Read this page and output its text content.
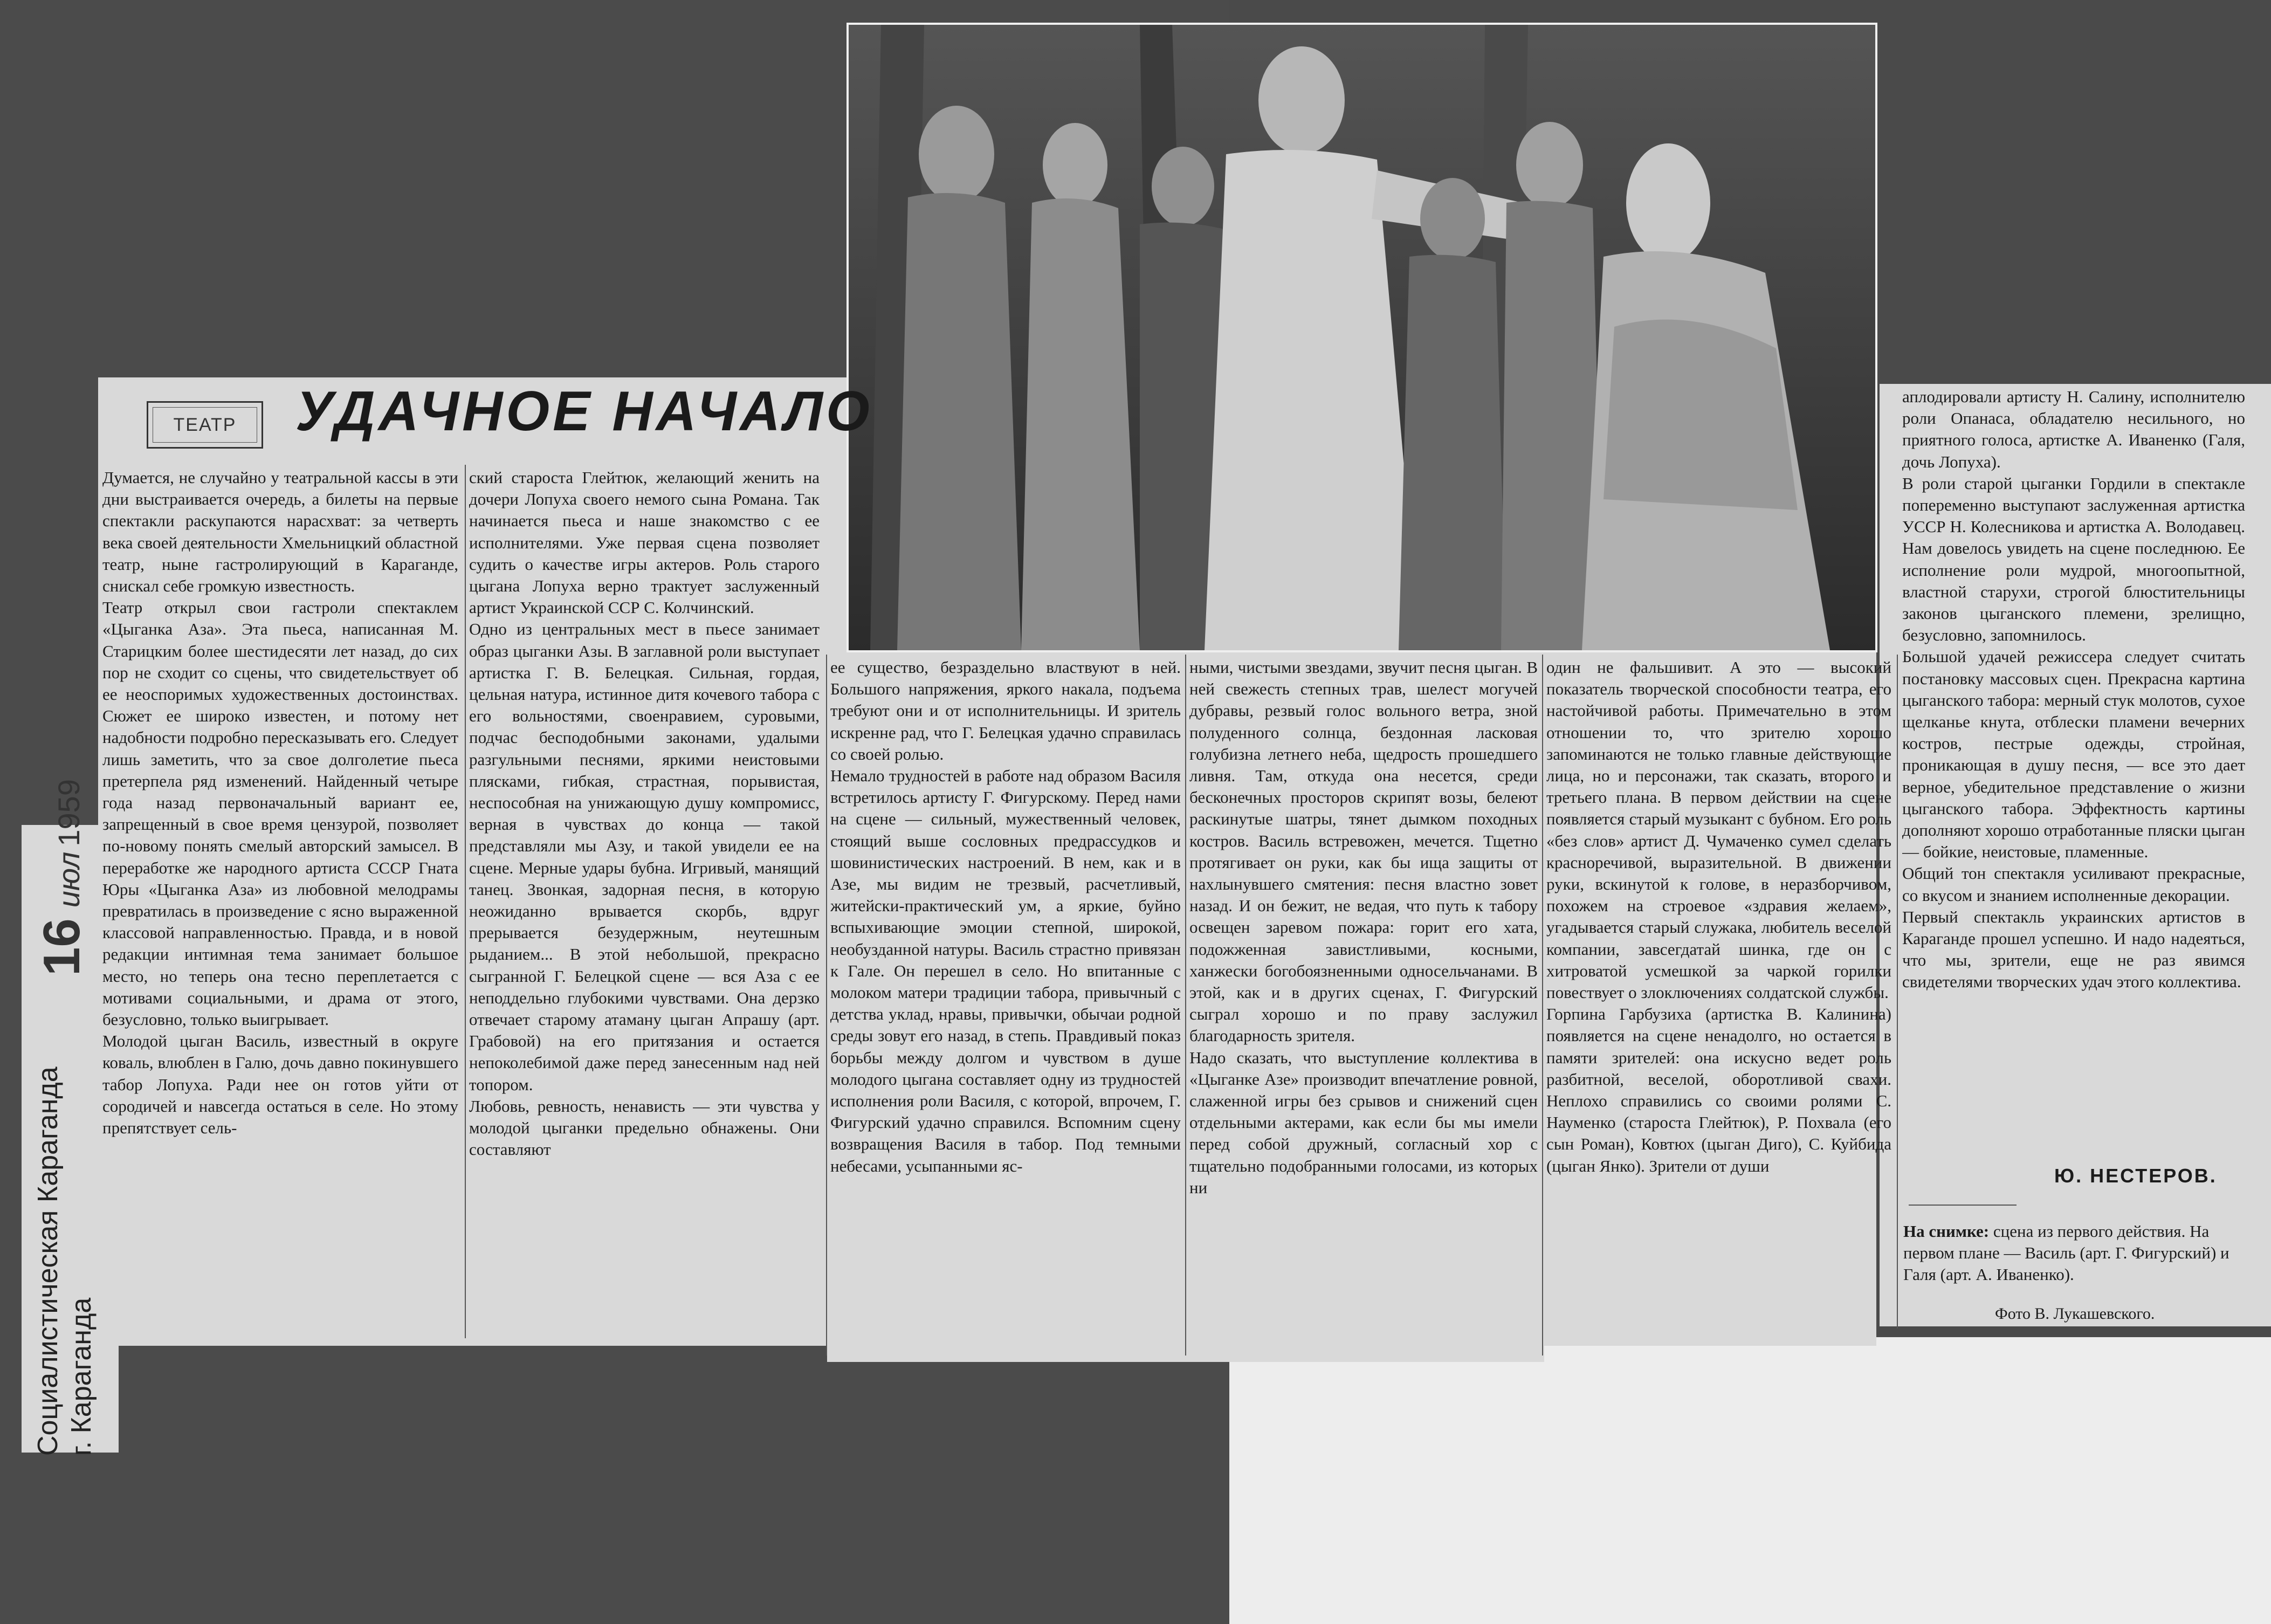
ТЕАТР УДАЧНОЕ НАЧАЛО
Думается, не случайно у театральной кассы в эти дни выстраивается очередь, а билеты на первые спектакли раскупаются нарасхват: за четверть века своей деятельности Хмельницкий областной театр, ныне гастролирующий в Караганде, снискал себе громкую известность.
Театр открыл свои гастроли спектаклем «Цыганка Аза». Эта пьеса, написанная М. Старицким более шестидесяти лет назад, до сих пор не сходит со сцены, что свидетельствует об ее неоспоримых художественных достоинствах. Сюжет ее широко известен, и потому нет надобности подробно пересказывать его. Следует лишь заметить, что за свое долголетие пьеса претерпела ряд изменений. Найденный четыре года назад первоначальный вариант ее, запрещенный в свое время цензурой, позволяет по-новому понять смелый авторский замысел. В переработке же народного артиста СССР Гната Юры «Цыганка Аза» из любовной мелодрамы превратилась в произведение с ясно выраженной классовой направленностью. Правда, и в новой редакции интимная тема занимает большое место, но теперь она тесно переплетается с мотивами социальными, и драма от этого, безусловно, только выигрывает.
Молодой цыган Василь, известный в округе коваль, влюблен в Галю, дочь давно покинувшего табор Лопуха. Ради нее он готов уйти от сородичей и навсегда остаться в селе. Но этому препятствует сель-
ский староста Глейтюк, желающий женить на дочери Лопуха своего немого сына Романа. Так начинается пьеса и наше знакомство с ее исполнителями. Уже первая сцена позволяет судить о качестве игры актеров. Роль старого цыгана Лопуха верно трактует заслуженный артист Украинской ССР С. Колчинский.
Одно из центральных мест в пьесе занимает образ цыганки Азы. В заглавной роли выступает артистка Г. В. Белецкая. Сильная, гордая, цельная натура, истинное дитя кочевого табора с его вольностями, своенравием, суровыми, подчас бесподобными законами, удалыми разгульными песнями, яркими неистовыми плясками, гибкая, страстная, порывистая, неспособная на унижающую душу компромисс, верная в чувствах до конца — такой представляли мы Азу, и такой увидели ее на сцене. Мерные удары бубна. Игривый, манящий танец. Звонкая, задорная песня, в которую неожиданно врывается скорбь, вдруг прерывается безудержным, неутешным рыданием... В этой небольшой, прекрасно сыгранной Г. Белецкой сцене — вся Аза с ее неподдельно глубокими чувствами. Она дерзко отвечает старому атаману цыган Апрашу (арт. Грабовой) на его притязания и остается непоколебимой даже перед занесенным над ней топором.
Любовь, ревность, ненависть — эти чувства у молодой цыганки предельно обнажены. Они составляют
ее существо, безраздельно властвуют в ней. Большого напряжения, яркого накала, подъема требуют они и от исполнительницы. И зритель искренне рад, что Г. Белецкая удачно справилась со своей ролью.
Немало трудностей в работе над образом Василя встретилось артисту Г. Фигурскому. Перед нами на сцене — сильный, мужественный человек, стоящий выше сословных предрассудков и шовинистических настроений. В нем, как и в Азе, мы видим не трезвый, расчетливый, житейски-практический ум, а яркие, буйно вспыхивающие эмоции степной, широкой, необузданной натуры. Василь страстно привязан к Гале. Он перешел в село. Но впитанные с молоком матери традиции табора, привычный с детства уклад, нравы, привычки, обычаи родной среды зовут его назад, в степь. Правдивый показ борьбы между долгом и чувством в душе молодого цыгана составляет одну из трудностей исполнения роли Василя, с которой, впрочем, Г. Фигурский удачно справился. Вспомним сцену возвращения Василя в табор. Под темными небесами, усыпанными яс-
ными, чистыми звездами, звучит песня цыган. В ней свежесть степных трав, шелест могучей дубравы, резвый голос вольного ветра, зной полуденного солнца, бездонная ласковая голубизна летнего неба, щедрость прошедшего ливня. Там, откуда она несется, среди бесконечных просторов скрипят возы, белеют раскинутые шатры, тянет дымком походных костров. Василь встревожен, мечется. Тщетно протягивает он руки, как бы ища защиты от нахлынувшего смятения: песня властно зовет назад. И он бежит, не ведая, что путь к табору освещен заревом пожара: горит его хата, подожженная завистливыми, косными, ханжески богобоязненными односельчанами. В этой, как и в других сценах, Г. Фигурский сыграл хорошо и по праву заслужил благодарность зрителя.
Надо сказать, что выступление коллектива в «Цыганке Азе» производит впечатление ровной, слаженной игры без срывов и снижений сцен отдельными актерами, как если бы мы имели перед собой дружный, согласный хор с тщательно подобранными голосами, из которых ни
один не фальшивит. А это — высокий показатель творческой способности театра, его настойчивой работы. Примечательно в этом отношении то, что зрителю хорошо запоминаются не только главные действующие лица, но и персонажи, так сказать, второго и третьего плана. В первом действии на сцене появляется старый музыкант с бубном. Его роль «без слов» артист Д. Чумаченко сумел сделать красноречивой, выразительной. В движении руки, вскинутой к голове, в неразборчивом, похожем на строевое «здравия желаем», угадывается старый служака, любитель веселой компании, завсегдатай шинка, где он с хитроватой усмешкой за чаркой горилки повествует о злоключениях солдатской службы.
Горпина Гарбузиха (артистка В. Калинина) появляется на сцене ненадолго, но остается в памяти зрителей: она искусно ведет роль разбитной, веселой, оборотливой свахи. Неплохо справились со своими ролями С. Науменко (староста Глейтюк), Р. Похвала (его сын Роман), Ковтюх (цыган Диго), С. Куйбида (цыган Янко). Зрители от души
аплодировали артисту Н. Салину, исполнителю роли Опанаса, обладателю несильного, но приятного голоса, артистке А. Иваненко (Галя, дочь Лопуха).
В роли старой цыганки Гордили в спектакле попеременно выступают заслуженная артистка УССР Н. Колесникова и артистка А. Володавец. Нам довелось увидеть на сцене последнюю. Ее исполнение роли мудрой, многоопытной, властной старухи, строгой блюстительницы законов цыганского племени, зрелищно, безусловно, запомнилось.
Большой удачей режиссера следует считать постановку массовых сцен. Прекрасна картина цыганского табора: мерный стук молотов, сухое щелканье кнута, отблески пламени вечерних костров, пестрые одежды, стройная, проникающая в душу песня, — все это дает верное, убедительное представление о жизни цыганского табора. Эффектность картины дополняют хорошо отработанные пляски цыган — бойкие, неистовые, пламенные.
Общий тон спектакля усиливают прекрасные, со вкусом и знанием исполненные декорации.
Первый спектакль украинских артистов в Караганде прошел успешно. И надо надеяться, что мы, зрители, еще не раз явимся свидетелями творческих удач этого коллектива.
Ю. НЕСТЕРОВ.
На снимке: сцена из первого действия. На первом плане — Василь (арт. Г. Фигурский) и Галя (арт. А. Иваненко).
Фото В. Лукашевского.
16июл1959
Социалистическая Караганда г. Караганда
